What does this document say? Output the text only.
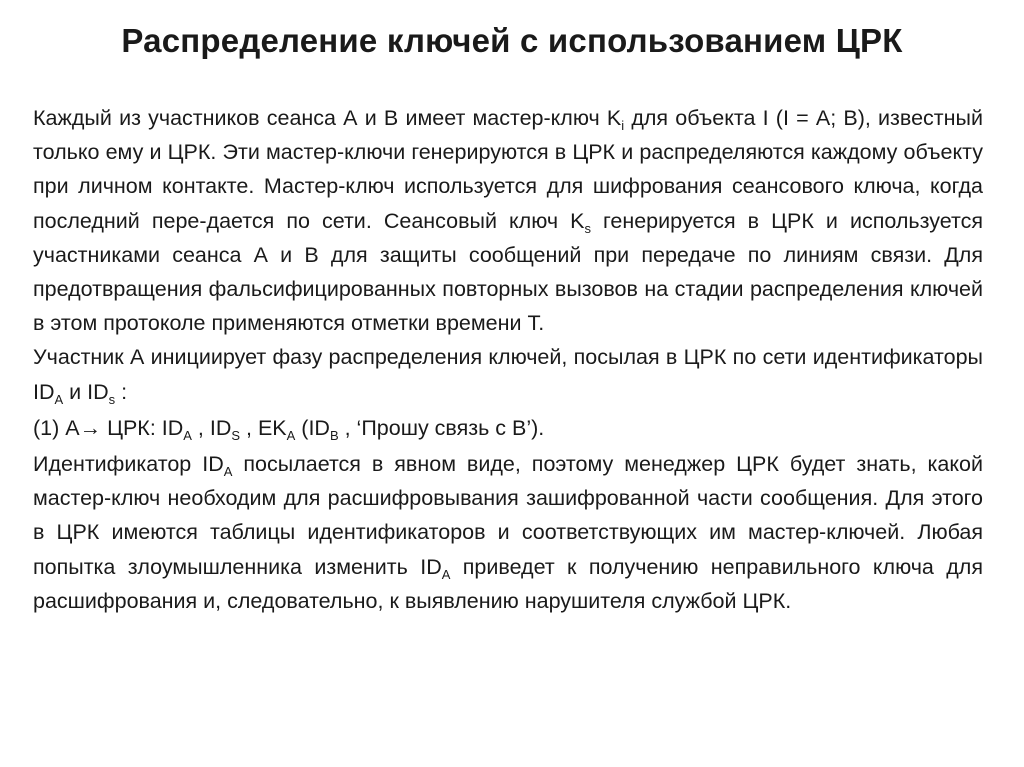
Распределение ключей с использованием ЦРК

Каждый из участников сеанса А и В имеет мастер-ключ $K_i$ для объекта I (I = А; В), известный только ему и ЦРК. Эти мастер-ключи генерируются в ЦРК и распределяются каждому объекту при личном контакте. Мастер-ключ используется для шифрования сеансового ключа, когда последний пере-дается по сети. Сеансовый ключ $K_s$ генерируется в ЦРК и используется участниками сеанса А и В для защиты сообщений при передаче по линиям связи. Для предотвращения фальсифицированных повторных вызовов на стадии распределения ключей в этом протоколе применяются отметки времени T.

Участник А инициирует фазу распределения ключей, посылая в ЦРК по сети идентификаторы $ID_A$ и $ID_s$ :

(1) А→ ЦРК: $ID_A$ , $ID_S$ , $EK_A$ ($ID_B$ , ‘Прошу связь с В’).

Идентификатор $ID_A$ посылается в явном виде, поэтому менеджер ЦРК будет знать, какой мастер-ключ необходим для расшифровывания зашифрованной части сообщения. Для этого в ЦРК имеются таблицы идентификаторов и соответствующих им мастер-ключей. Любая попытка злоумышленника изменить $ID_A$ приведет к получению неправильного ключа для расшифрования и, следовательно, к выявлению нарушителя службой ЦРК.
